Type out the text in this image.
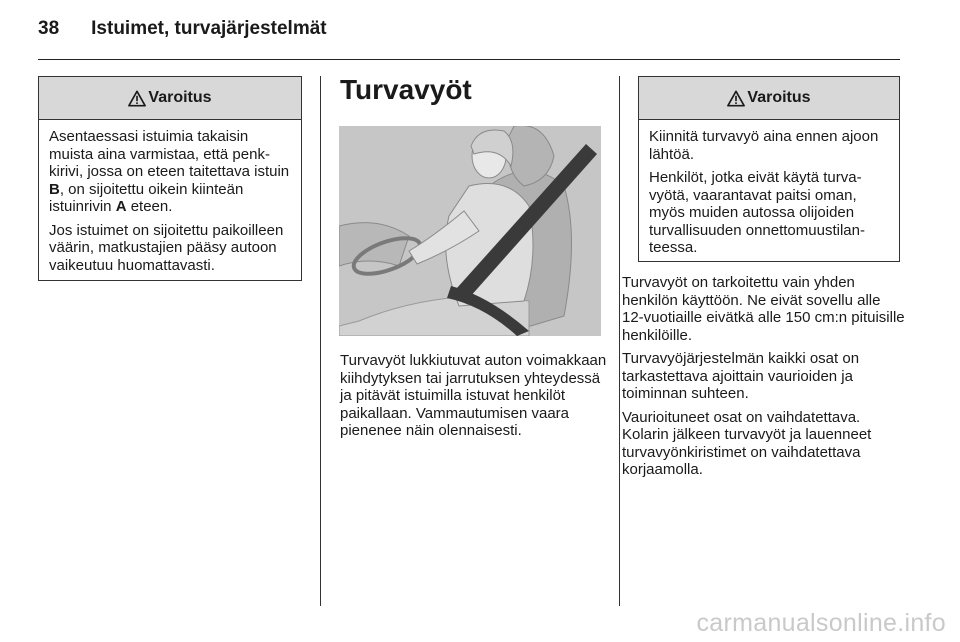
38 Istuimet, turvajärjestelmät
Varoitus

Asentaessasi istuimia takaisin muista aina varmistaa, että penkkirivi, jossa on eteen taitettava istuin B, on sijoitettu oikein kiinteän istuinrivin A eteen.

Jos istuimet on sijoitettu paikoilleen väärin, matkustajien pääsy autoon vaikeutuu huomattavasti.

Turvavyöt

Turvavyöt lukkiutuvat auton voimakkaan kiihdytyksen tai jarrutuksen yhteydessä ja pitävät istuimilla istuvat henkilöt paikallaan. Vammautumisen vaara pienenee näin olennaisesti.

Varoitus

Kiinnitä turvavyö aina ennen ajoon lähtöä.

Henkilöt, jotka eivät käytä turvavyötä, vaarantavat paitsi oman, myös muiden autossa olijoiden turvallisuuden onnettomuustilanteessa.

Turvavyöt on tarkoitettu vain yhden henkilön käyttöön. Ne eivät sovellu alle 12-vuotiaille eivätkä alle 150 cm:n pituisille henkilöille.

Turvavyöjärjestelmän kaikki osat on tarkastettava ajoittain vaurioiden ja toiminnan suhteen.

Vaurioituneet osat on vaihdatettava. Kolarin jälkeen turvavyöt ja lauenneet turvavyönkiristimet on vaihdatettava korjaamolla.

carmanualsonline.info
